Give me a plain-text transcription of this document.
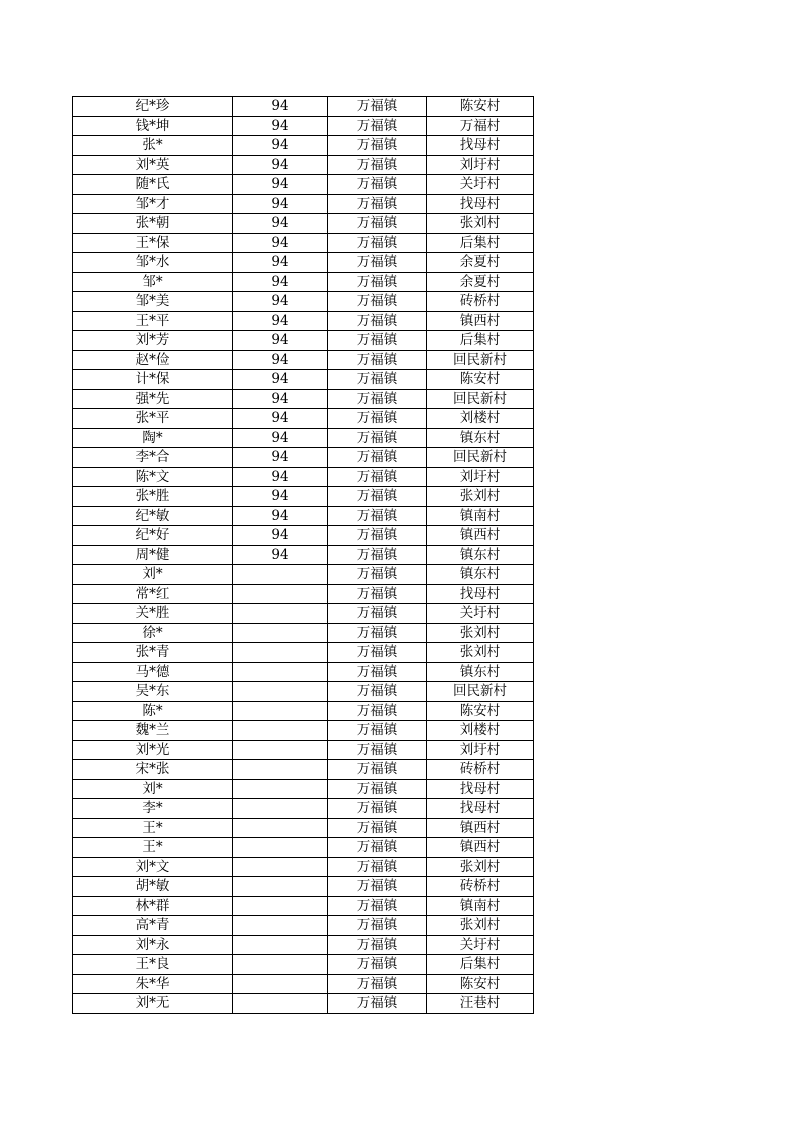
纪*珍	94	万福镇	陈安村
钱*坤	94	万福镇	万福村
张*	94	万福镇	找母村
刘*英	94	万福镇	刘圩村
随*氏	94	万福镇	关圩村
邹*才	94	万福镇	找母村
张*朝	94	万福镇	张刘村
王*保	94	万福镇	后集村
邹*水	94	万福镇	余夏村
邹*	94	万福镇	余夏村
邹*美	94	万福镇	砖桥村
王*平	94	万福镇	镇西村
刘*芳	94	万福镇	后集村
赵*俭	94	万福镇	回民新村
计*保	94	万福镇	陈安村
强*先	94	万福镇	回民新村
张*平	94	万福镇	刘楼村
陶*	94	万福镇	镇东村
李*合	94	万福镇	回民新村
陈*文	94	万福镇	刘圩村
张*胜	94	万福镇	张刘村
纪*敏	94	万福镇	镇南村
纪*好	94	万福镇	镇西村
周*健	94	万福镇	镇东村
刘*		万福镇	镇东村
常*红		万福镇	找母村
关*胜		万福镇	关圩村
徐*		万福镇	张刘村
张*青		万福镇	张刘村
马*德		万福镇	镇东村
吴*东		万福镇	回民新村
陈*		万福镇	陈安村
魏*兰		万福镇	刘楼村
刘*光		万福镇	刘圩村
宋*张		万福镇	砖桥村
刘*		万福镇	找母村
李*		万福镇	找母村
王*		万福镇	镇西村
王*		万福镇	镇西村
刘*文		万福镇	张刘村
胡*敏		万福镇	砖桥村
林*群		万福镇	镇南村
高*青		万福镇	张刘村
刘*永		万福镇	关圩村
王*良		万福镇	后集村
朱*华		万福镇	陈安村
刘*无		万福镇	汪巷村
